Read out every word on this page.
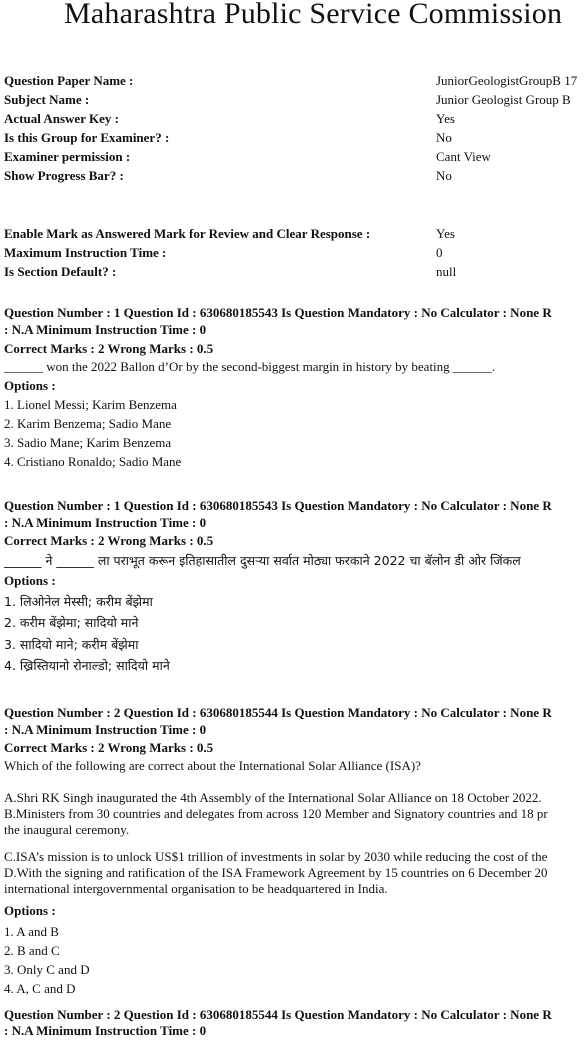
Maharashtra Public Service Commission
Question Paper Name :	JuniorGeologistGroupB 17
Subject Name :	Junior Geologist Group B
Actual Answer Key :	Yes
Is this Group for Examiner? :	No
Examiner permission :	Cant View
Show Progress Bar? :	No
Enable Mark as Answered Mark for Review and Clear Response :	Yes
Maximum Instruction Time :	0
Is Section Default? :	null
Question Number : 1 Question Id : 630680185543 Is Question Mandatory : No Calculator : None R
: N.A Minimum Instruction Time : 0
Correct Marks : 2 Wrong Marks : 0.5
______ won the 2022 Ballon d’Or by the second-biggest margin in history by beating ______.
Options :
1. Lionel Messi; Karim Benzema
2. Karim Benzema; Sadio Mane
3. Sadio Mane; Karim Benzema
4. Cristiano Ronaldo; Sadio Mane
Question Number : 1 Question Id : 630680185543 Is Question Mandatory : No Calculator : None R
: N.A Minimum Instruction Time : 0
Correct Marks : 2 Wrong Marks : 0.5
______ ने ______ ला पराभूत करून इतिहासातील दुसऱ्या सर्वात मोठ्या फरकाने 2022 चा बॅलोन डी ओर जिंकल
Options :
1. लिओनेल मेस्सी; करीम बेंझेमा
2. करीम बेंझेमा; सादियो माने
3. सादियो माने; करीम बेंझेमा
4. ख्रिस्तियानो रोनाल्डो; सादियो माने
Question Number : 2 Question Id : 630680185544 Is Question Mandatory : No Calculator : None R
: N.A Minimum Instruction Time : 0
Correct Marks : 2 Wrong Marks : 0.5
Which of the following are correct about the International Solar Alliance (ISA)?
A.Shri RK Singh inaugurated the 4th Assembly of the International Solar Alliance on 18 October 2022.
B.Ministers from 30 countries and delegates from across 120 Member and Signatory countries and 18 pr
the inaugural ceremony.
C.ISA’s mission is to unlock US$1 trillion of investments in solar by 2030 while reducing the cost of the
D.With the signing and ratification of the ISA Framework Agreement by 15 countries on 6 December 20
international intergovernmental organisation to be headquartered in India.
Options :
1. A and B
2. B and C
3. Only C and D
4. A, C and D
Question Number : 2 Question Id : 630680185544 Is Question Mandatory : No Calculator : None R
: N.A Minimum Instruction Time : 0
